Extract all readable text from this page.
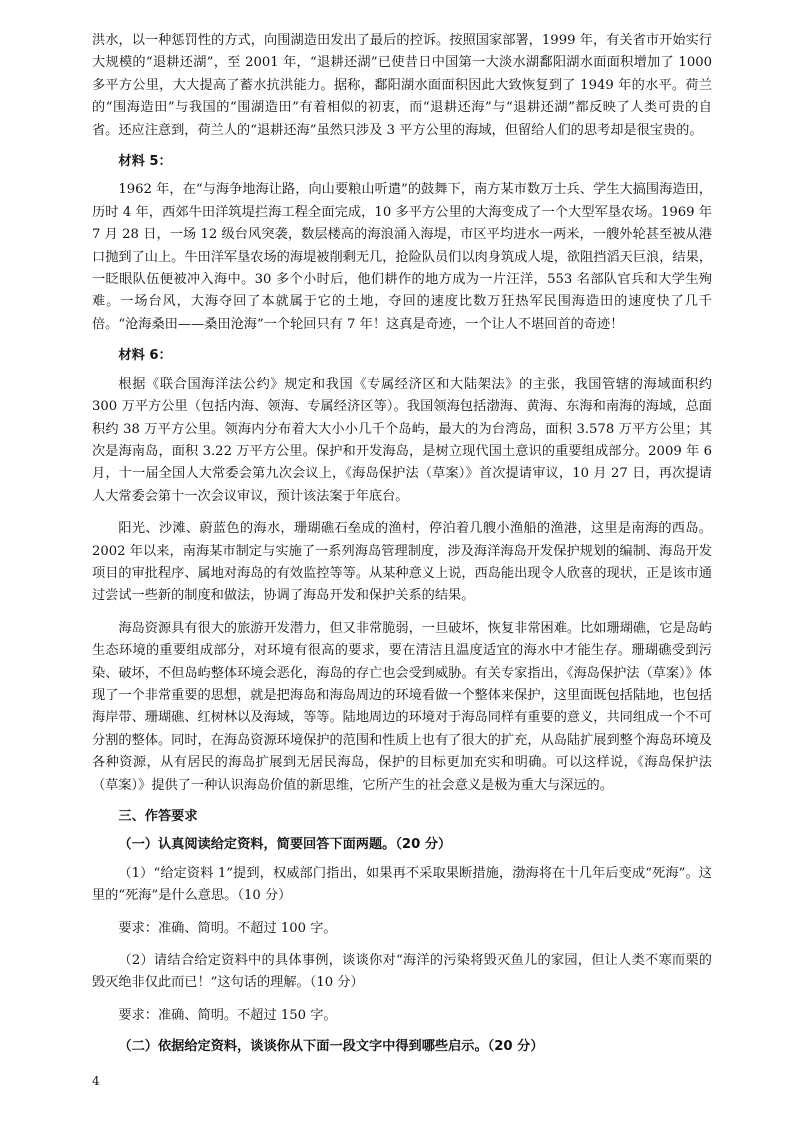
洪水，以一种惩罚性的方式，向围湖造田发出了最后的控诉。按照国家部署，1999 年，有关省市开始实行大规模的“退耕还湖”，至 2001 年，“退耕还湖”已使昔日中国第一大淡水湖鄱阳湖水面面积增加了 1000 多平方公里，大大提高了蓄水抗洪能力。据称，鄱阳湖水面面积因此大致恢复到了 1949 年的水平。荷兰的“围海造田”与我国的“围湖造田”有着相似的初衷，而“退耕还海”与“退耕还湖”都反映了人类可贵的自省。还应注意到，荷兰人的“退耕还海”虽然只涉及 3 平方公里的海域，但留给人们的思考却是很宝贵的。

材料 5：

1962 年，在“与海争地海让路，向山要粮山听遣”的鼓舞下，南方某市数万士兵、学生大搞围海造田，历时 4 年，西郊牛田洋筑堤拦海工程全面完成，10 多平方公里的大海变成了一个大型军垦农场。1969 年 7 月 28 日，一场 12 级台风突袭，数层楼高的海浪涌入海堤，市区平均进水一两米，一艘外轮甚至被从港口抛到了山上。牛田洋军垦农场的海堤被削剩无几，抢险队员们以肉身筑成人堤，欲阻挡滔天巨浪，结果，一眨眼队伍便被冲入海中。30 多个小时后，他们耕作的地方成为一片汪洋，553 名部队官兵和大学生殉难。一场台风，大海夺回了本就属于它的土地，夺回的速度比数万狂热军民围海造田的速度快了几千倍。“沧海桑田——桑田沧海”一个轮回只有 7 年！这真是奇迹，一个让人不堪回首的奇迹！

材料 6：

根据《联合国海洋法公约》规定和我国《专属经济区和大陆架法》的主张，我国管辖的海域面积约 300 万平方公里（包括内海、领海、专属经济区等）。我国领海包括渤海、黄海、东海和南海的海域，总面积约 38 万平方公里。领海内分布着大大小小几千个岛屿，最大的为台湾岛，面积 3.578 万平方公里；其次是海南岛，面积 3.22 万平方公里。保护和开发海岛，是树立现代国土意识的重要组成部分。2009 年 6 月，十一届全国人大常委会第九次会议上，《海岛保护法（草案）》首次提请审议，10 月 27 日，再次提请人大常委会第十一次会议审议，预计该法案于年底台。

阳光、沙滩、蔚蓝色的海水，珊瑚礁石垒成的渔村，停泊着几艘小渔船的渔港，这里是南海的西岛。2002 年以来，南海某市制定与实施了一系列海岛管理制度，涉及海洋海岛开发保护规划的编制、海岛开发项目的审批程序、属地对海岛的有效监控等等。从某种意义上说，西岛能出现令人欣喜的现状，正是该市通过尝试一些新的制度和做法，协调了海岛开发和保护关系的结果。

海岛资源具有很大的旅游开发潜力，但又非常脆弱，一旦破坏，恢复非常困难。比如珊瑚礁，它是岛屿生态环境的重要组成部分，对环境有很高的要求，要在清洁且温度适宜的海水中才能生存。珊瑚礁受到污染、破坏，不但岛屿整体环境会恶化，海岛的存亡也会受到威胁。有关专家指出，《海岛保护法（草案）》体现了一个非常重要的思想，就是把海岛和海岛周边的环境看做一个整体来保护，这里面既包括陆地，也包括海岸带、珊瑚礁、红树林以及海域，等等。陆地周边的环境对于海岛同样有重要的意义，共同组成一个不可分割的整体。同时，在海岛资源环境保护的范围和性质上也有了很大的扩充，从岛陆扩展到整个海岛环境及各种资源，从有居民的海岛扩展到无居民海岛，保护的目标更加充实和明确。可以这样说，《海岛保护法（草案）》提供了一种认识海岛价值的新思维，它所产生的社会意义是极为重大与深远的。

三、作答要求
（一）认真阅读给定资料，简要回答下面两题。（20 分）

（1）“给定资料 1”提到，权威部门指出，如果再不采取果断措施，渤海将在十几年后变成“死海”。这里的“死海”是什么意思。（10 分）

要求：准确、简明。不超过 100 字。

（2）请结合给定资料中的具体事例，谈谈你对“海洋的污染将毁灭鱼儿的家园，但让人类不寒而栗的毁灭绝非仅此而已！”这句话的理解。（10 分）

要求：准确、简明。不超过 150 字。

（二）依据给定资料，谈谈你从下面一段文字中得到哪些启示。（20 分）
4
